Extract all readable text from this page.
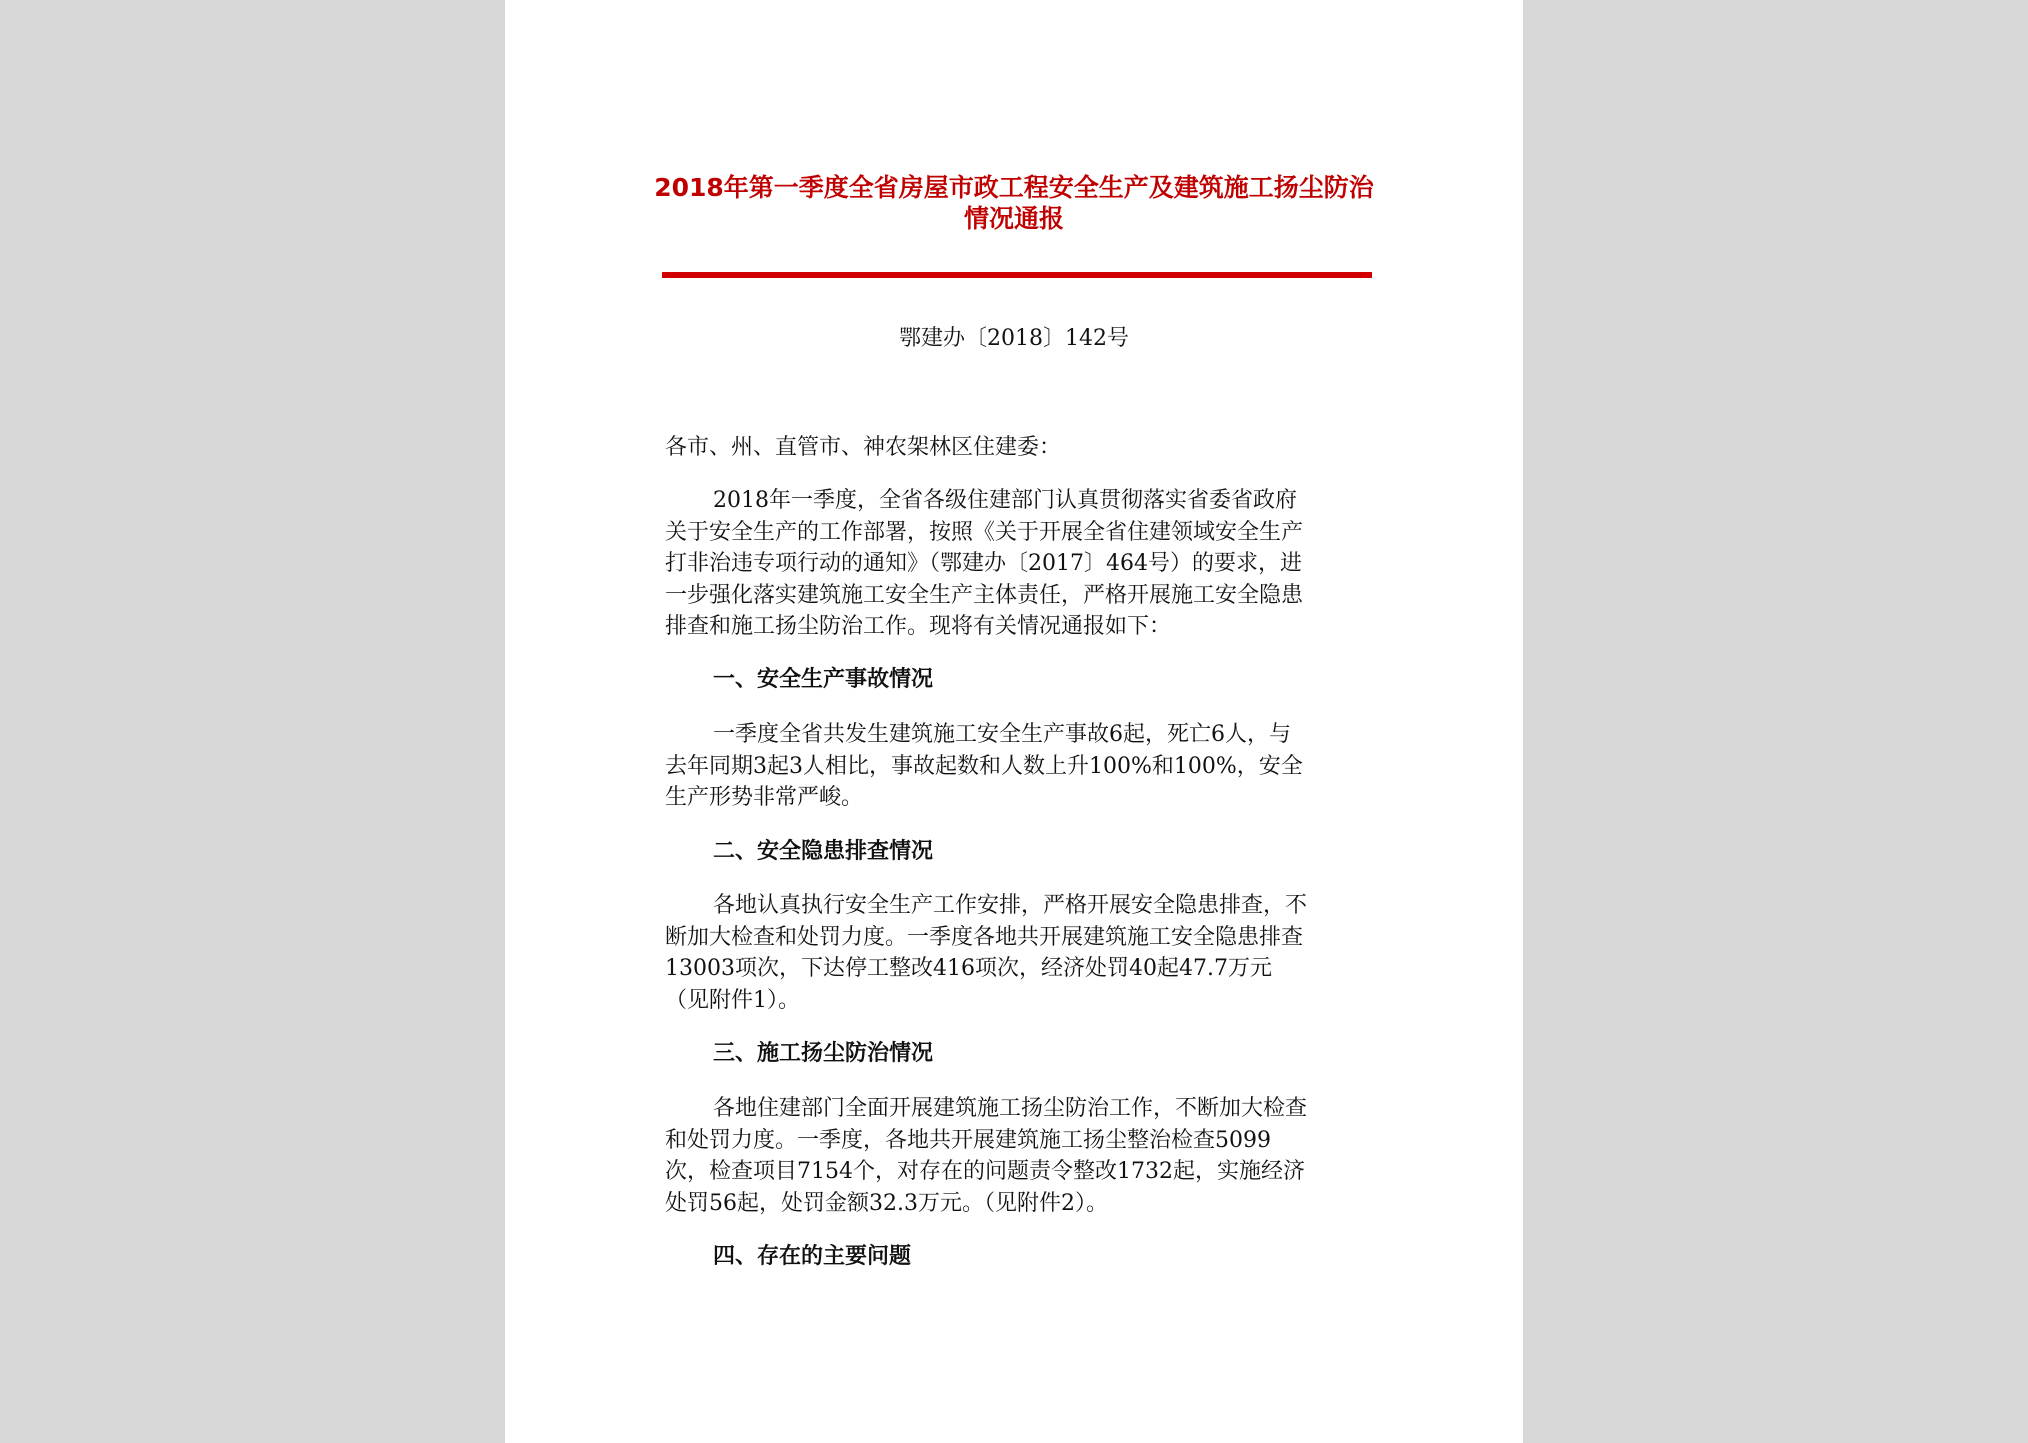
2018年第一季度全省房屋市政工程安全生产及建筑施工扬尘防治
情况通报
鄂建办〔2018〕142号
各市、州、直管市、神农架林区住建委：
2018年一季度，全省各级住建部门认真贯彻落实省委省政府
关于安全生产的工作部署，按照《关于开展全省住建领域安全生产
打非治违专项行动的通知》（鄂建办〔2017〕464号）的要求，进
一步强化落实建筑施工安全生产主体责任，严格开展施工安全隐患
排查和施工扬尘防治工作。现将有关情况通报如下：
一、安全生产事故情况
一季度全省共发生建筑施工安全生产事故6起，死亡6人，与
去年同期3起3人相比，事故起数和人数上升100%和100%，安全
生产形势非常严峻。
二、安全隐患排查情况
各地认真执行安全生产工作安排，严格开展安全隐患排查，不
断加大检查和处罚力度。一季度各地共开展建筑施工安全隐患排查
13003项次，下达停工整改416项次，经济处罚40起47.7万元
（见附件1）。
三、施工扬尘防治情况
各地住建部门全面开展建筑施工扬尘防治工作，不断加大检查
和处罚力度。一季度，各地共开展建筑施工扬尘整治检查5099
次，检查项目7154个，对存在的问题责令整改1732起，实施经济
处罚56起，处罚金额32.3万元。（见附件2）。
四、存在的主要问题
